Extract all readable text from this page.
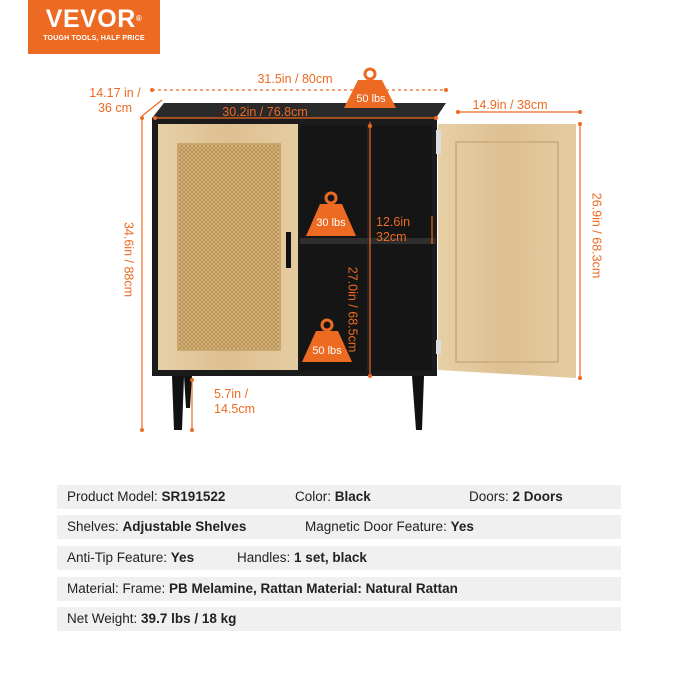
VEVOR®
TOUGH TOOLS, HALF PRICE
50 lbs
30 lbs
50 lbs
31.5in / 80cm
30.2in / 76.8cm
14.17 in /
36 cm	14.9in / 38cm
12.6in
32cm
5.7in /
14.5cm
34.6in / 88cm	26.9in / 68.3cm
27.0in / 68.5cm
Product Model: SR191522	Color: Black	Doors: 2 Doors
Shelves: Adjustable Shelves	Magnetic Door Feature: Yes
Anti-Tip Feature: Yes	Handles: 1 set, black
Material: Frame: PB Melamine, Rattan Material: Natural Rattan
Net Weight: 39.7 lbs / 18 kg
